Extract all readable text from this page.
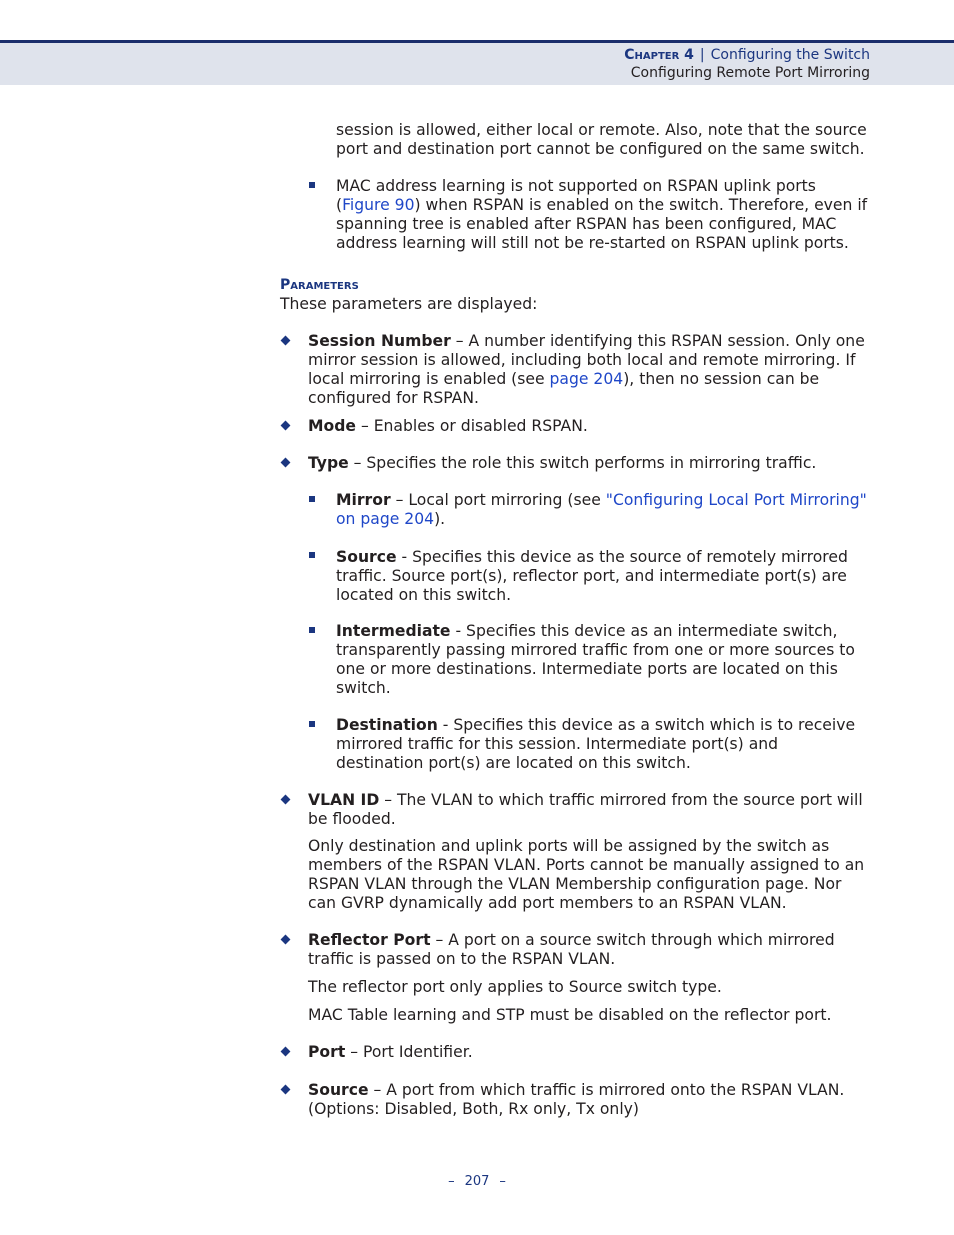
Chapter 4 | Configuring the Switch
Configuring Remote Port Mirroring
session is allowed, either local or remote. Also, note that the source port and destination port cannot be configured on the same switch.
MAC address learning is not supported on RSPAN uplink ports (Figure 90) when RSPAN is enabled on the switch. Therefore, even if spanning tree is enabled after RSPAN has been configured, MAC address learning will still not be re-started on RSPAN uplink ports.
Parameters
These parameters are displayed:
Session Number – A number identifying this RSPAN session. Only one mirror session is allowed, including both local and remote mirroring. If local mirroring is enabled (see page 204), then no session can be configured for RSPAN.
Mode – Enables or disabled RSPAN.
Type – Specifies the role this switch performs in mirroring traffic.
Mirror – Local port mirroring (see "Configuring Local Port Mirroring" on page 204).
Source - Specifies this device as the source of remotely mirrored traffic. Source port(s), reflector port, and intermediate port(s) are located on this switch.
Intermediate - Specifies this device as an intermediate switch, transparently passing mirrored traffic from one or more sources to one or more destinations. Intermediate ports are located on this switch.
Destination - Specifies this device as a switch which is to receive mirrored traffic for this session. Intermediate port(s) and destination port(s) are located on this switch.
VLAN ID – The VLAN to which traffic mirrored from the source port will be flooded.
Only destination and uplink ports will be assigned by the switch as members of the RSPAN VLAN. Ports cannot be manually assigned to an RSPAN VLAN through the VLAN Membership configuration page. Nor can GVRP dynamically add port members to an RSPAN VLAN.
Reflector Port – A port on a source switch through which mirrored traffic is passed on to the RSPAN VLAN.
The reflector port only applies to Source switch type.
MAC Table learning and STP must be disabled on the reflector port.
Port – Port Identifier.
Source – A port from which traffic is mirrored onto the RSPAN VLAN. (Options: Disabled, Both, Rx only, Tx only)
– 207 –
